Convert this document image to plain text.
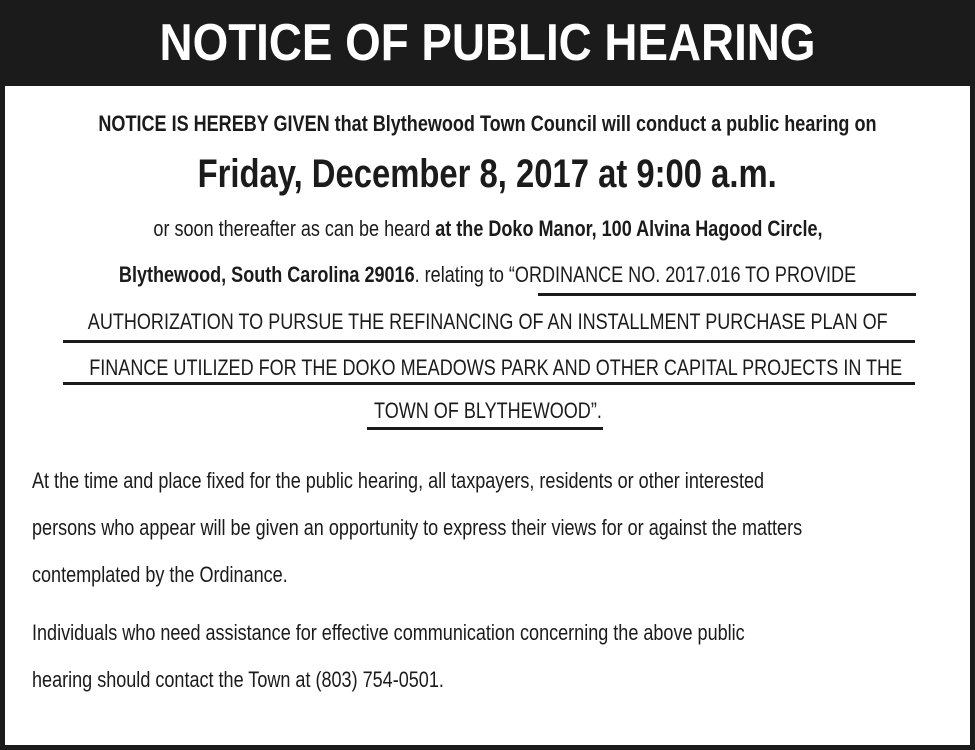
NOTICE OF PUBLIC HEARING
NOTICE IS HEREBY GIVEN that Blythewood Town Council will conduct a public hearing on
Friday, December 8, 2017 at 9:00 a.m.
or soon thereafter as can be heard at the Doko Manor, 100 Alvina Hagood Circle,
Blythewood, South Carolina 29016. relating to “ORDINANCE NO. 2017.016 TO PROVIDE
AUTHORIZATION TO PURSUE THE REFINANCING OF AN INSTALLMENT PURCHASE PLAN OF
FINANCE UTILIZED FOR THE DOKO MEADOWS PARK AND OTHER CAPITAL PROJECTS IN THE
TOWN OF BLYTHEWOOD”.
At the time and place fixed for the public hearing, all taxpayers, residents or other interested
persons who appear will be given an opportunity to express their views for or against the matters
contemplated by the Ordinance.
Individuals who need assistance for effective communication concerning the above public
hearing should contact the Town at (803) 754-0501.
